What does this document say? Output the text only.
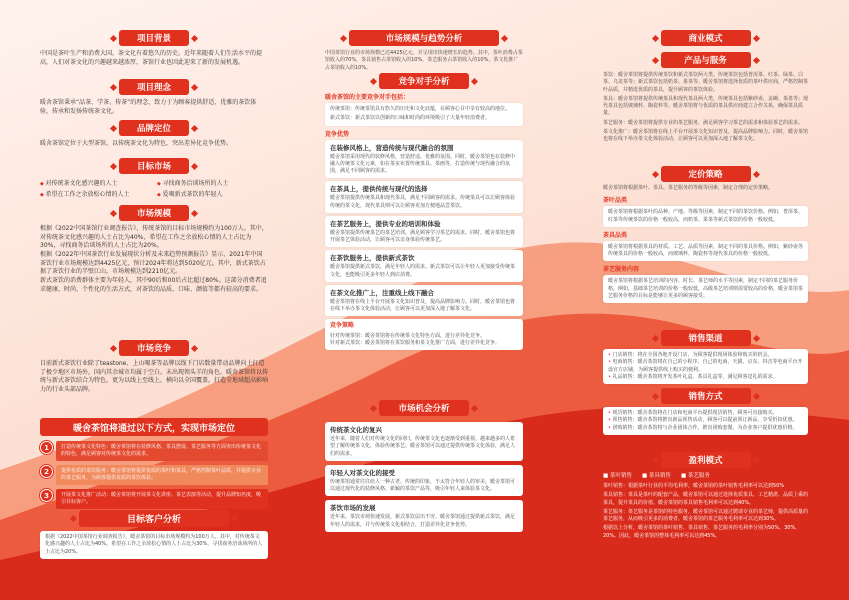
项目背景
中国是茶叶生产和消费大国，茶文化有着悠久的历史。近年来随着人们生活水平的提高，人们对茶文化的兴趣越来越浓厚，茶馆行业也因此迎来了新的发展机遇。
项目理念
暖舍茶馆秉承“品茶、学茶、传茶”的理念，致力于为顾客提供舒适、优雅的茶饮体验，传承和发扬传统茶文化。
品牌定位
暖舍茶馆定位于大型茶馆，以传统茶文化为特色，突出差异化竞争优势。
目标市场
◆ 对传统茶文化感兴趣的人士	◆ 寻找商务洽谈场所的人士
◆ 希望在工作之余放松心情的人士	◆ 爱喝新式茶饮的年轻人
市场规模
根据《2022中国茶馆行业调查报告》，传统茶馆的目标市场规模约为100万人。其中，对传统茶文化感兴趣的人士占比为40%，希望在工作之余放松心情的人士占比为30%，寻找商务洽谈场所的人士占比为20%。
根据《2022年中国茶饮行业发展现状分析及未来趋势预测报告》显示，2021年中国茶饮行业市场规模达到4425亿元，预计2024年将达到5020亿元。其中，新式茶饮占据了茶饮行业的半壁江山，市场规模达到2210亿元。
新式茶饮的消费群体主要为年轻人，其中90后和00后占比超过80%。这部分消费者追求健康、时尚、个性化的生活方式，对茶饮的品质、口味、颜值等都有较高的要求。
市场竞争
目前新式茶饮行业除了teastone、上山喝茶等品牌以线下门店数量带动品牌向上打造了极少地区市场外，国内其余城市均属于空白。未出现领头羊的角色。暖舍茶馆将以传统与新式茶饮结合为特色，更为以线上至线上，横向以全国覆盖，打造全地域超高影响力的行业头部品牌。
暖舍茶馆将通过以下方式，实现市场定位
1	打造传统茶文化特色：暖舍茶馆将在装修风格、茶具摆设、茶艺服务等方面突出传统茶文化的特色，满足顾客对传统茶文化的需求。
2	提供优质的茶饮服务：暖舍茶馆将提供优质的茶叶和茶具，严格控制茶叶品质，并提供专业的茶艺服务，为顾客提供优质的茶饮体验。
3	开展茶文化推广活动：暖舍茶馆将开展茶文化讲座、茶艺表演等活动，提升品牌知名度，吸引目标客户。
目标客户分析
根据《2022中国茶馆行业调查报告》，暖舍茶馆的目标市场规模约为100万人。其中，对传统茶文化感兴趣的人士占比为40%，希望在工作之余放松心情的人士占比为30%，寻找商务洽谈场所的人士占比为20%。
市场规模与趋势分析
中国茶馆行业的市场规模已达4425亿元，并呈现出快速增长的趋势。其中，茶叶消费占茶馆收入的70%，茶具销售占茶馆收入的10%，茶艺服务占茶馆收入的10%，茶文化推广占茶馆收入的10%。
竞争对手分析
暖舍茶馆的主要竞争对手包括：
传统茶馆：传统茶馆具有悠久的历史和文化底蕴，在顾客心目中享有较高的地位。
新式茶饮：新式茶饮以创新的口味和时尚的环境吸引了大量年轻消费者。
竞争优势
在装修风格上，营造传统与现代融合的氛围
暖舍茶馆采用现代的装修风格，营造舒适、优雅的氛围。同时，暖舍茶馆也在装修中融入传统茶文化元素，如在茶室布置传统茶具、茶画等，打造传统与现代融合的氛围，满足不同顾客的需求。
在茶具上，提供传统与现代的选择
暖舍茶馆提供传统茶具和现代茶具，满足不同顾客的需求。传统茶具可以让顾客体验传统的茶文化，现代茶具则可以让顾客更加方便地品尝茶饮。
在茶艺服务上，提供专业的培训和体验
暖舍茶馆提供传统茶艺的茶艺培训，满足顾客学习茶艺的需求。同时，暖舍茶馆也将开展茶艺体验活动，让顾客可以亲身体验传统茶艺。
在茶饮服务上，提供新式茶饮
暖舍茶馆提供新式茶饮，满足年轻人的需求。新式茶饮可以让年轻人更加接受传统茶文化，也能吸引更多年轻人到店消费。
在茶文化推广上，注重线上线下融合
暖舍茶馆将在线上平台开展茶文化知识普及，提高品牌影响力。同时，暖舍茶馆也将在线下举办茶文化体验活动，让顾客可以更加深入地了解茶文化。
竞争策略
针对传统茶馆：暖舍茶馆将在传统茶文化特色方面，进行差异化竞争。
针对新式茶饮：暖舍茶馆将在茶饮服务和茶文化推广方面，进行差异化竞争。
市场机会分析
传统茶文化的复兴
近年来，随着人们对传统文化的回归，传统茶文化也逐渐受到重视。越来越多的人希望了解传统茶文化，体验传统茶艺。暖舍茶馆可以通过提供传统茶文化体验，满足人们的需求。
年轻人对茶文化的接受
传统茶馆通常往往给人一种古老、传统的印象，不太符合年轻人的审美。暖舍茶馆可以通过现代化的装修风格、新颖的茶饮产品等，吸引年轻人来体验茶文化。
茶饮市场的发展
近年来，茶饮市场快速发展，新式茶饮层出不穷。暖舍茶馆通过提供新式茶饮，满足年轻人的需求，并与传统茶文化相结合，打造差异化竞争优势。
商业模式
产品与服务
茶饮：暖舍茶馆将提供传统茶饮和新式茶饮两大类。传统茶饮包括普洱茶、红茶、绿茶、白茶、乌龙茶等；新式茶饮包括奶茶、果茶等。暖舍茶馆将选择优质的茶叶供应商，严格控制茶叶品质，并精选优质的茶具，提升顾客的茶饮体验。
茶具：暖舍茶馆将提供传统茶具和现代茶具两大类。传统茶具包括紫砂壶、盖碗、茶盘等；现代茶具包括玻璃杯、陶瓷杯等。暖舍茶馆将与优质的茶具供应商建立合作关系，确保茶具质量。
茶艺服务：暖舍茶馆将提供专业的茶艺服务，满足顾客学习茶艺的需求和体验茶艺的需求。
茶文化推广：暖舍茶馆将在线上平台开展茶文化知识普及，提高品牌影响力。同时，暖舍茶馆也将在线下举办茶文化体验活动，让顾客可以更加深入地了解茶文化。
定价策略
暖舍茶馆将根据茶叶、茶具、茶艺服务的等级等因素，制定合理的定价策略。
茶叶品类
暖舍茶馆将根据茶叶的品种、产地、等级等因素，制定不同的茶饮价格。例如，普洱茶、红茶等传统茶饮的价格一般较高，而奶茶、果茶等新式茶饮的价格一般较低。
茶具品类
暖舍茶馆将根据茶具的材质、工艺、品质等因素，制定不同的茶具价格。例如，紫砂壶等传统茶具的价格一般较高，而玻璃杯、陶瓷杯等现代茶具的价格一般较低。
茶艺服务内容
暖舍茶馆将根据茶艺培训的内容、时长、茶艺师的水平等因素，制定不同的茶艺服务价格。例如，基础茶艺培训的价格一般较低，高级茶艺培训则需要较高的价格，暖舍茶馆茶艺服务价格的目标是能够让更多的顾客接受。
销售渠道
• 门店销售：将在全国各地开设门店，为顾客提供现场体验和购买的机会。
• 电商销售：暖舍茶馆将在自己的小程序、自己的电商、天猫、京东、抖音等电商平台开设官方店铺，为顾客提供线上购买的便利。
• 礼品销售：暖舍茶馆将开发茶叶礼盒、茶具礼盒等，满足顾客送礼的需求。
销售方式
• 现货销售：暖舍茶馆将在门店和电商平台提供现货销售，顾客可直接购买。
• 预售销售：暖舍茶馆将推出新品预售活动，顾客可以提前预订新品，享受折扣优惠。
• 团购销售：暖舍茶馆将与企业团体合作，推出团购套餐，为企业客户提供优惠价格。
盈利模式
■ 茶叶销售	■ 茶具销售	■ 茶艺服务
茶叶销售：根据茶叶行业的平均毛利率，暖舍茶馆的茶叶销售毛利率可以达到50%
茶具销售：茶具是茶叶的配套产品，暖舍茶馆可以通过选择优质茶具、工艺精湛、品质上乘的茶具，提升茶具的价值。暖舍茶馆的茶具销售毛利率可以达到40%。
茶艺服务：茶艺服务是茶馆的特色服务，暖舍茶馆可以通过聘请专业的茶艺师，提供高质量的茶艺服务，从而吸引更多的消费者。暖舍茶馆的茶艺服务毛利率可以达到30%。
根据以上分析，暖舍茶馆的茶叶销售、茶具销售、茶艺服务的毛利率分别为50%、30%、20%。因此，暖舍茶馆的整体毛利率可以达到45%。
